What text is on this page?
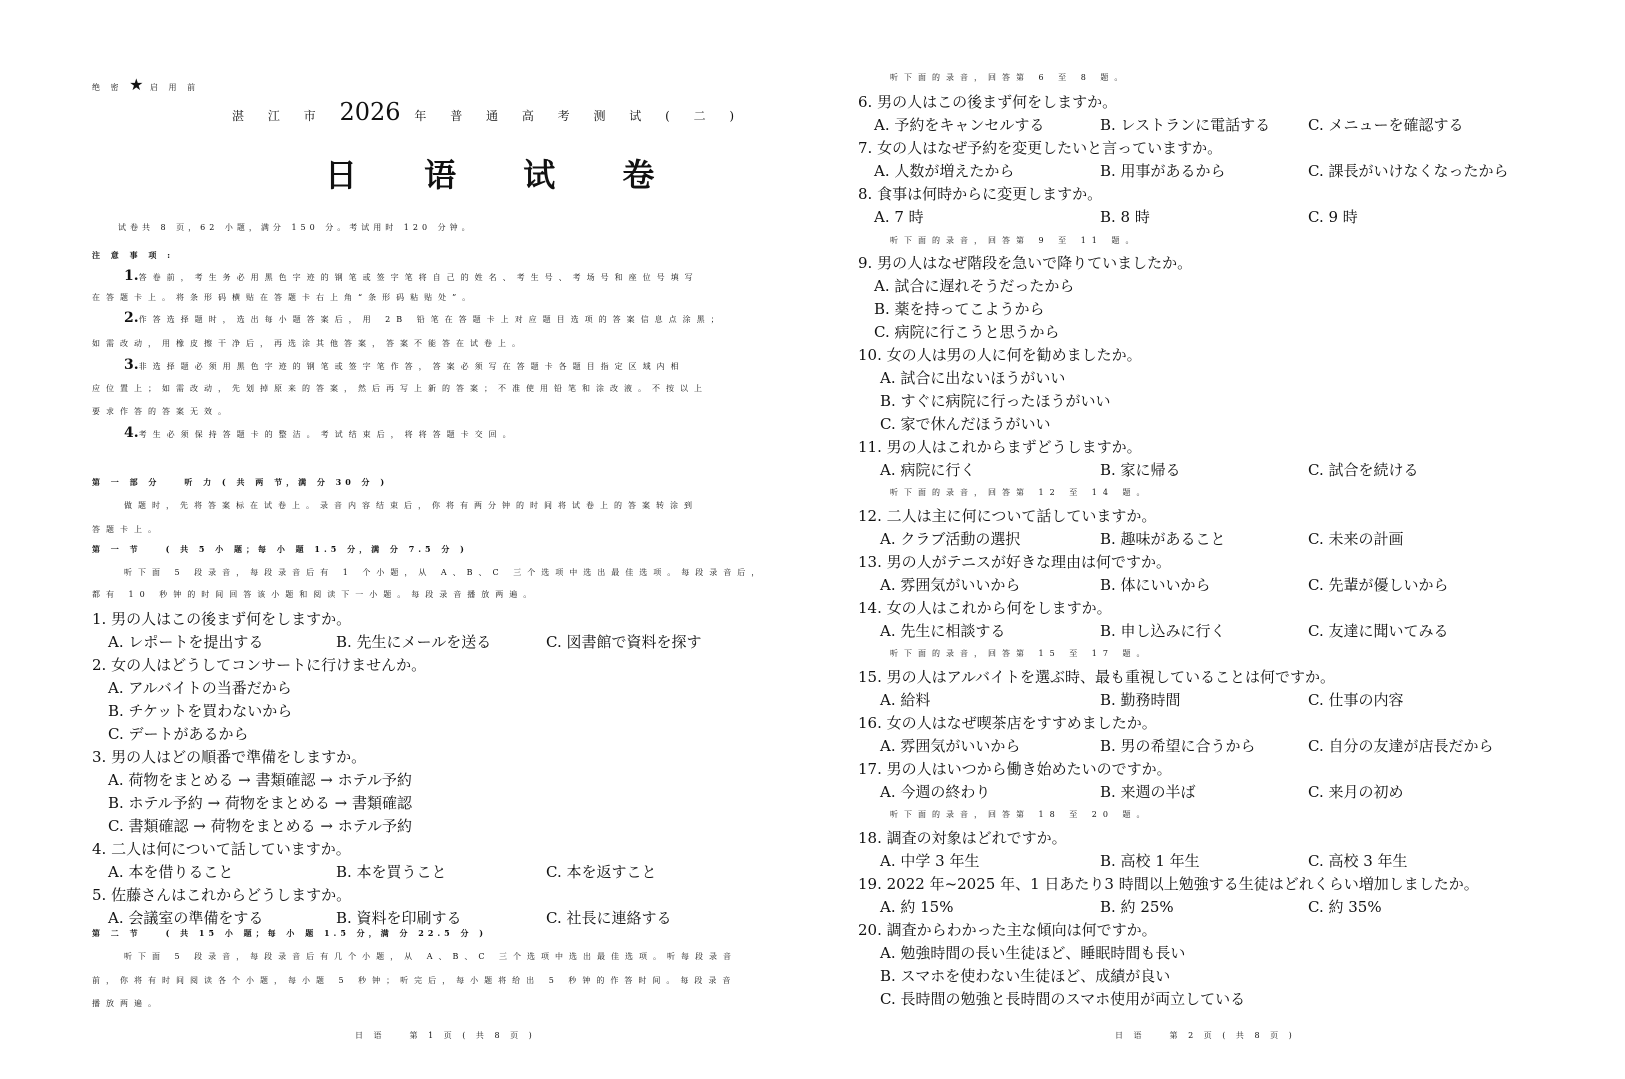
绝 密 ★ 启 用 前
湛 江 市 2026 年 普 通 高 考 测 试 ( 二 )
日 语 试 卷
试卷共 8 页，62 小题，满分 150 分。考试用时 120 分钟。
注 意 事 项 :
1.答卷前，考生务必用黑色字迹的钢笔或签字笔将自己的姓名、考生号、考场号和座位号填写
在答题卡上。将条形码横贴在答题卡右上角“条形码粘贴处”。
2.作答选择题时，选出每小题答案后，用 2B 铅笔在答题卡上对应题目选项的答案信息点涂黑；
如需改动，用橡皮擦干净后，再选涂其他答案，答案不能答在试卷上。
3.非选择题必须用黑色字迹的钢笔或签字笔作答，答案必须写在答题卡各题目指定区域内相
应位置上；如需改动，先划掉原来的答案，然后再写上新的答案；不准使用铅笔和涂改液。不按以上
要求作答的答案无效。
4.考生必须保持答题卡的整洁。考试结束后，将将答题卡交回。
第 一 部 分　　听 力 ( 共 两 节，满 分 30 分 )
做题时，先将答案标在试卷上。录音内容结束后，你将有两分钟的时间将试卷上的答案转涂到
答题卡上。
第 一 节　　( 共 5 小 题；每 小 题 1.5 分，满 分 7.5 分 )
听下面 5 段录音，每段录音后有 1 个小题，从 A、B、C 三个选项中选出最佳选项。每段录音后，
都有 10 秒钟的时间回答该小题和阅读下一小题。每段录音播放两遍。
1. 男の人はこの後まず何をしますか。
A. レポートを提出する	B. 先生にメールを送る	C. 図書館で資料を探す
2. 女の人はどうしてコンサートに行けませんか。
A. アルバイトの当番だから
B. チケットを買わないから
C. デートがあるから
3. 男の人はどの順番で準備をしますか。
A. 荷物をまとめる → 書類確認 → ホテル予約
B. ホテル予約 → 荷物をまとめる → 書類確認
C. 書類確認 → 荷物をまとめる → ホテル予約
4. 二人は何について話していますか。
A. 本を借りること	B. 本を買うこと	C. 本を返すこと
5. 佐藤さんはこれからどうしますか。
A. 会議室の準備をする	B. 資料を印刷する	C. 社長に連絡する
第 二 节　　( 共 15 小 题；每 小 题 1.5 分，满 分 22.5 分 )
听下面 5 段录音，每段录音后有几个小题，从 A、B、C 三个选项中选出最佳选项。听每段录音
前，你将有时间阅读各个小题，每小题 5 秒钟；听完后，每小题将给出 5 秒钟的作答时间。每段录音
播放两遍。
日 语　　第 1 页 ( 共 8 页 )
听下面的录音，回答第 6 至 8 题。
6. 男の人はこの後まず何をしますか。
A. 予約をキャンセルする	B. レストランに電話する	C. メニューを確認する
7. 女の人はなぜ予約を変更したいと言っていますか。
A. 人数が増えたから	B. 用事があるから	C. 課長がいけなくなったから
8. 食事は何時からに変更しますか。
A. 7 時	B. 8 時	C. 9 時
听下面的录音，回答第 9 至 11 题。
9. 男の人はなぜ階段を急いで降りていましたか。
A. 試合に遅れそうだったから
B. 薬を持ってこようから
C. 病院に行こうと思うから
10. 女の人は男の人に何を勧めましたか。
A. 試合に出ないほうがいい
B. すぐに病院に行ったほうがいい
C. 家で休んだほうがいい
11. 男の人はこれからまずどうしますか。
A. 病院に行く	B. 家に帰る	C. 試合を続ける
听下面的录音，回答第 12 至 14 题。
12. 二人は主に何について話していますか。
A. クラブ活動の選択	B. 趣味があること	C. 未来の計画
13. 男の人がテニスが好きな理由は何ですか。
A. 雰囲気がいいから	B. 体にいいから	C. 先輩が優しいから
14. 女の人はこれから何をしますか。
A. 先生に相談する	B. 申し込みに行く	C. 友達に聞いてみる
听下面的录音，回答第 15 至 17 题。
15. 男の人はアルバイトを選ぶ時、最も重視していることは何ですか。
A. 給料	B. 勤務時間	C. 仕事の内容
16. 女の人はなぜ喫茶店をすすめましたか。
A. 雰囲気がいいから	B. 男の希望に合うから	C. 自分の友達が店長だから
17. 男の人はいつから働き始めたいのですか。
A. 今週の終わり	B. 来週の半ば	C. 来月の初め
听下面的录音，回答第 18 至 20 题。
18. 調査の対象はどれですか。
A. 中学 3 年生	B. 高校 1 年生	C. 高校 3 年生
19. 2022 年~2025 年、1 日あたり3 時間以上勉強する生徒はどれくらい増加しましたか。
A. 約 15%	B. 約 25%	C. 約 35%
20. 調査からわかった主な傾向は何ですか。
A. 勉強時間の長い生徒ほど、睡眠時間も長い
B. スマホを使わない生徒ほど、成績が良い
C. 長時間の勉強と長時間のスマホ使用が両立している
日 语　　第 2 页 ( 共 8 页 )
